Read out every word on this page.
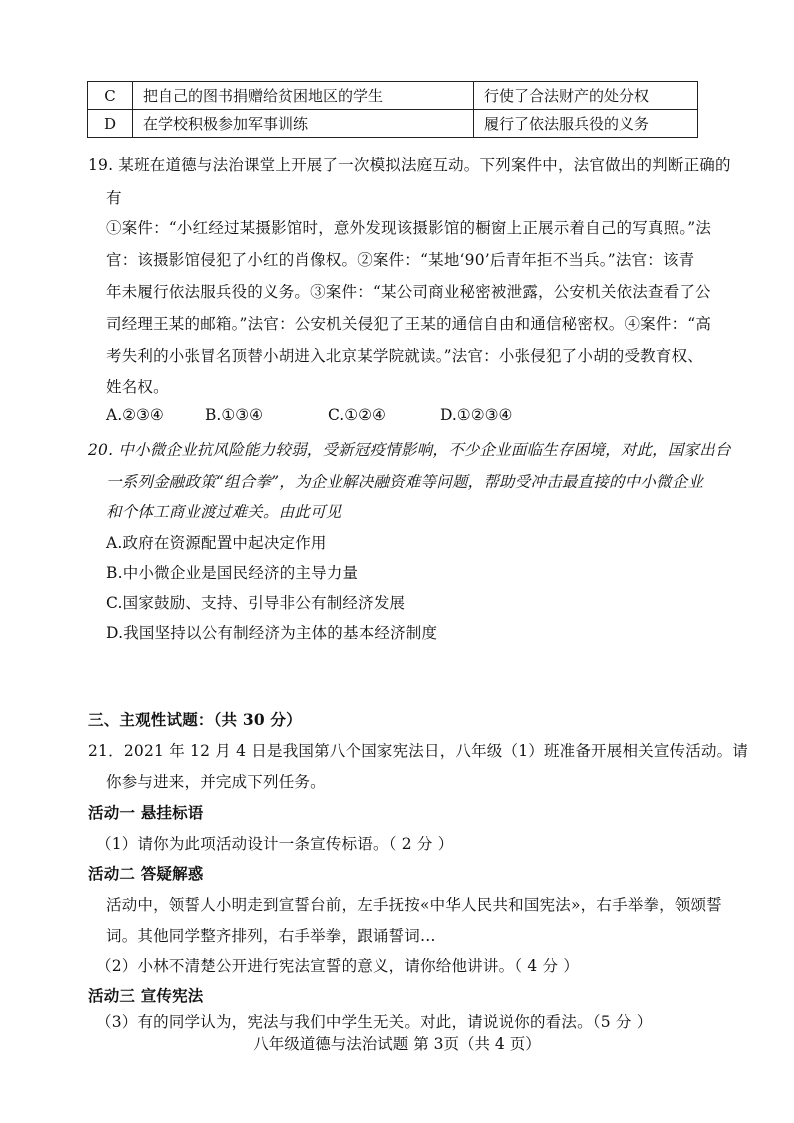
C	把自己的图书捐赠给贫困地区的学生	行使了合法财产的处分权
D	在学校积极参加军事训练	履行了依法服兵役的义务
19. 某班在道德与法治课堂上开展了一次模拟法庭互动。下列案件中，法官做出的判断正确的
有
①案件：“小红经过某摄影馆时，意外发现该摄影馆的橱窗上正展示着自己的写真照。”法
官：该摄影馆侵犯了小红的肖像权。②案件：“某地‘90’后青年拒不当兵。”法官：该青
年未履行依法服兵役的义务。③案件：“某公司商业秘密被泄露，公安机关依法查看了公
司经理王某的邮箱。”法官：公安机关侵犯了王某的通信自由和通信秘密权。④案件：“高
考失利的小张冒名顶替小胡进入北京某学院就读。”法官：小张侵犯了小胡的受教育权、
姓名权。
A.②③④	B.①③④	C.①②④	D.①②③④
20. 中小微企业抗风险能力较弱，受新冠疫情影响，不少企业面临生存困境，对此，国家出台
一系列金融政策“组合拳”，为企业解决融资难等问题，帮助受冲击最直接的中小微企业
和个体工商业渡过难关。由此可见
A.政府在资源配置中起决定作用
B.中小微企业是国民经济的主导力量
C.国家鼓励、支持、引导非公有制经济发展
D.我国坚持以公有制经济为主体的基本经济制度
三、主观性试题：（共 30 分）
21．2021 年 12 月 4 日是我国第八个国家宪法日，八年级（1）班准备开展相关宣传活动。请
你参与进来，并完成下列任务。
活动一 悬挂标语
（1）请你为此项活动设计一条宣传标语。（ 2 分 ）
活动二 答疑解惑
活动中，领誓人小明走到宣誓台前，左手抚按«中华人民共和国宪法»，右手举拳，领颂誓
词。其他同学整齐排列，右手举拳，跟诵誓词…
（2）小林不清楚公开进行宪法宣誓的意义，请你给他讲讲。（ 4 分 ）
活动三 宣传宪法
（3）有的同学认为，宪法与我们中学生无关。对此，请说说你的看法。（5 分 ）
八年级道德与法治试题 第 3页（共 4 页）
